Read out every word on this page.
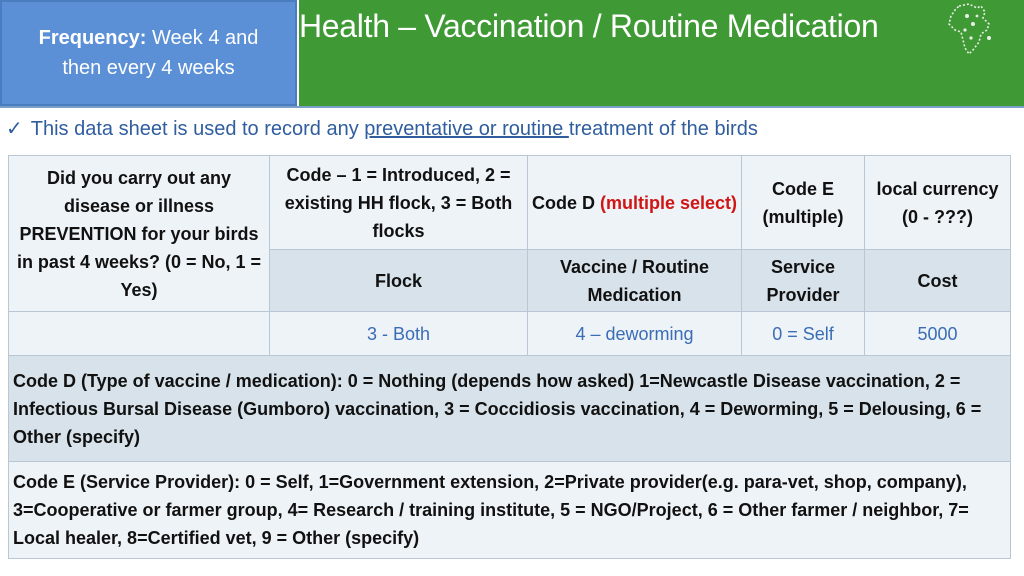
Frequency: Week 4 and
then every 4 weeks
Health – Vaccination / Routine Medication
✓ This data sheet is used to record any preventative or routine treatment of the birds
Did you carry out any disease or illness PREVENTION for your birds in past 4 weeks? (0 = No, 1 = Yes)	Code – 1 = Introduced, 2 = existing HH flock, 3 = Both flocks	Code D (multiple select)	Code E (multiple)	local currency (0 - ???)
	Flock	Vaccine / Routine Medication	Service Provider	Cost
	3 - Both	4 – deworming	0 = Self	5000
Code D (Type of vaccine / medication): 0 = Nothing (depends how asked) 1=Newcastle Disease vaccination, 2 = Infectious Bursal Disease (Gumboro) vaccination, 3 = Coccidiosis vaccination, 4 = Deworming, 5 = Delousing, 6 = Other (specify)				
Code E (Service Provider): 0 = Self, 1=Government extension, 2=Private provider(e.g. para-vet, shop, company), 3=Cooperative or farmer group, 4= Research / training institute, 5 = NGO/Project, 6 = Other farmer / neighbor, 7= Local healer, 8=Certified vet, 9 = Other (specify)				
